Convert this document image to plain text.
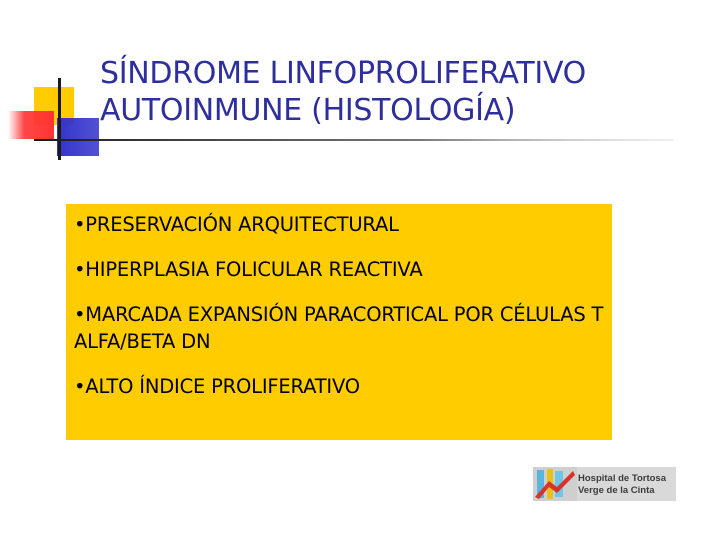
SÍNDROME LINFOPROLIFERATIVO
AUTOINMUNE (HISTOLOGÍA)
•PRESERVACIÓN ARQUITECTURAL
•HIPERPLASIA FOLICULAR REACTIVA
•MARCADA EXPANSIÓN PARACORTICAL POR CÉLULAS T ALFA/BETA DN
•ALTO ÍNDICE PROLIFERATIVO
Hospital de Tortosa
Verge de la Cinta
